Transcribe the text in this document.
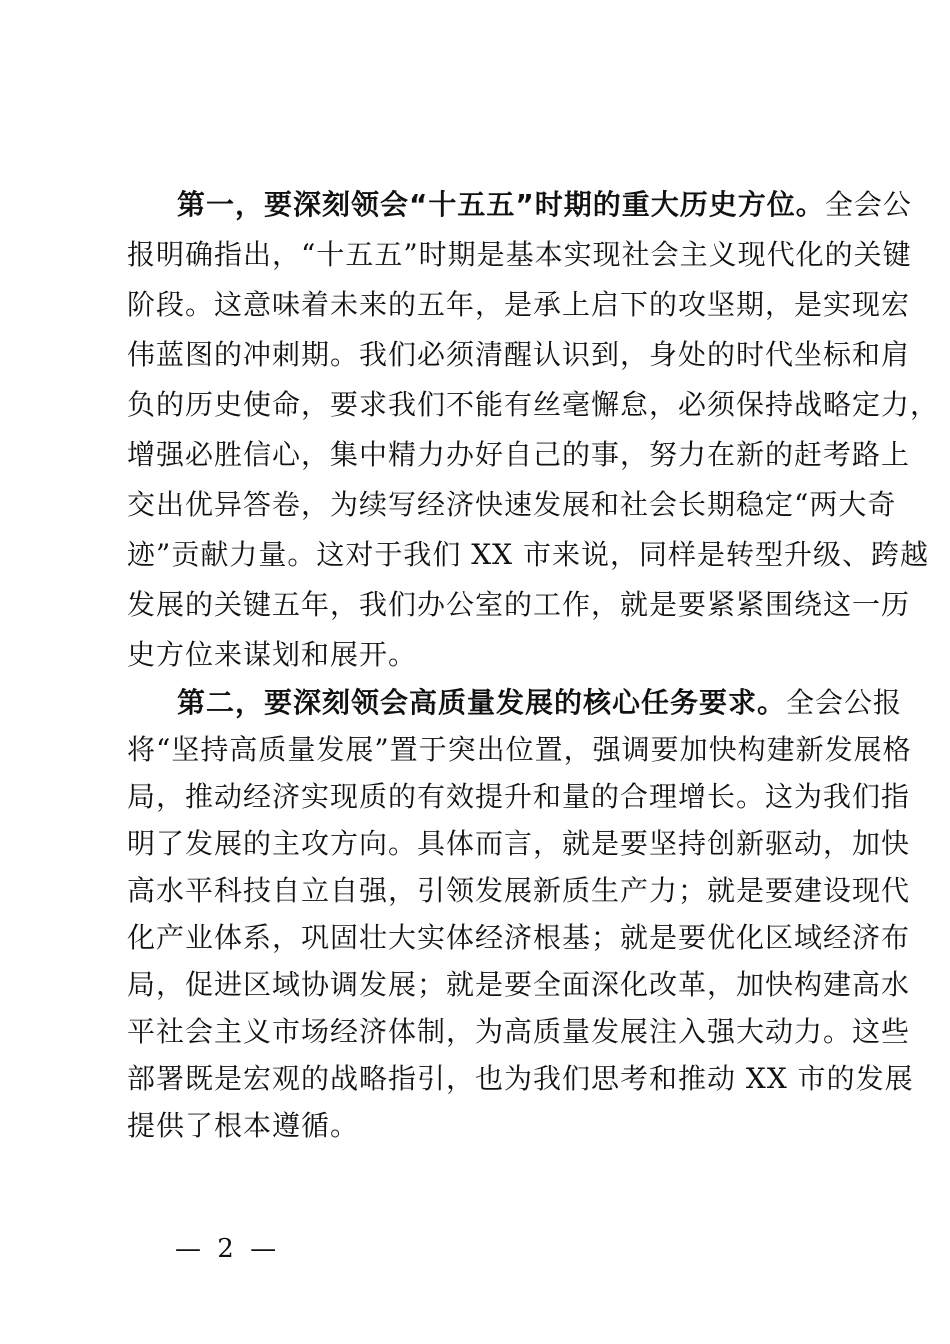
第一，要深刻领会“十五五”时期的重大历史方位。全会公
报明确指出，“十五五”时期是基本实现社会主义现代化的关键
阶段。这意味着未来的五年，是承上启下的攻坚期，是实现宏
伟蓝图的冲刺期。我们必须清醒认识到，身处的时代坐标和肩
负的历史使命，要求我们不能有丝毫懈怠，必须保持战略定力，
增强必胜信心，集中精力办好自己的事，努力在新的赶考路上
交出优异答卷，为续写经济快速发展和社会长期稳定“两大奇
迹”贡献力量。这对于我们 XX 市来说，同样是转型升级、跨越
发展的关键五年，我们办公室的工作，就是要紧紧围绕这一历
史方位来谋划和展开。
第二，要深刻领会高质量发展的核心任务要求。全会公报
将“坚持高质量发展”置于突出位置，强调要加快构建新发展格
局，推动经济实现质的有效提升和量的合理增长。这为我们指
明了发展的主攻方向。具体而言，就是要坚持创新驱动，加快
高水平科技自立自强，引领发展新质生产力；就是要建设现代
化产业体系，巩固壮大实体经济根基；就是要优化区域经济布
局，促进区域协调发展；就是要全面深化改革，加快构建高水
平社会主义市场经济体制，为高质量发展注入强大动力。这些
部署既是宏观的战略指引，也为我们思考和推动 XX 市的发展
提供了根本遵循。
— 2 —
